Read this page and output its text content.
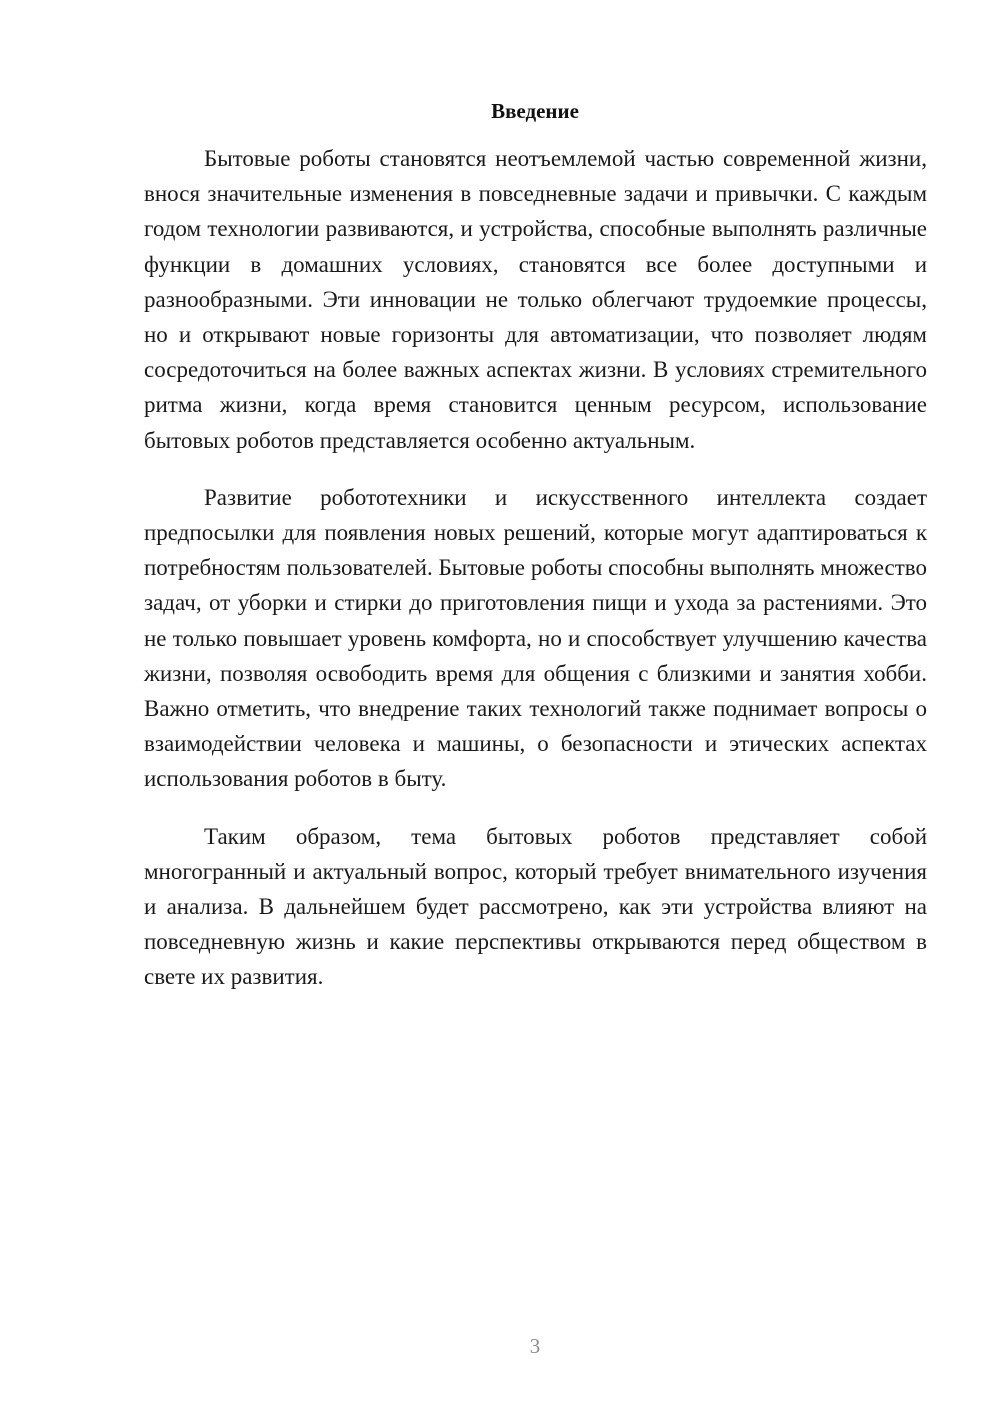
Введение

Бытовые роботы становятся неотъемлемой частью современной жизни, внося значительные изменения в повседневные задачи и привычки. С каждым годом технологии развиваются, и устройства, способные выполнять различные функции в домашних условиях, становятся все более доступными и разнообразными. Эти инновации не только облегчают трудоемкие процессы, но и открывают новые горизонты для автоматизации, что позволяет людям сосредоточиться на более важных аспектах жизни. В условиях стремительного ритма жизни, когда время становится ценным ресурсом, использование бытовых роботов представляется особенно актуальным.

Развитие робототехники и искусственного интеллекта создает предпосылки для появления новых решений, которые могут адаптироваться к потребностям пользователей. Бытовые роботы способны выполнять множество задач, от уборки и стирки до приготовления пищи и ухода за растениями. Это не только повышает уровень комфорта, но и способствует улучшению качества жизни, позволяя освободить время для общения с близкими и занятия хобби. Важно отметить, что внедрение таких технологий также поднимает вопросы о взаимодействии человека и машины, о безопасности и этических аспектах использования роботов в быту.

Таким образом, тема бытовых роботов представляет собой многогранный и актуальный вопрос, который требует внимательного изучения и анализа. В дальнейшем будет рассмотрено, как эти устройства влияют на повседневную жизнь и какие перспективы открываются перед обществом в свете их развития.

3
